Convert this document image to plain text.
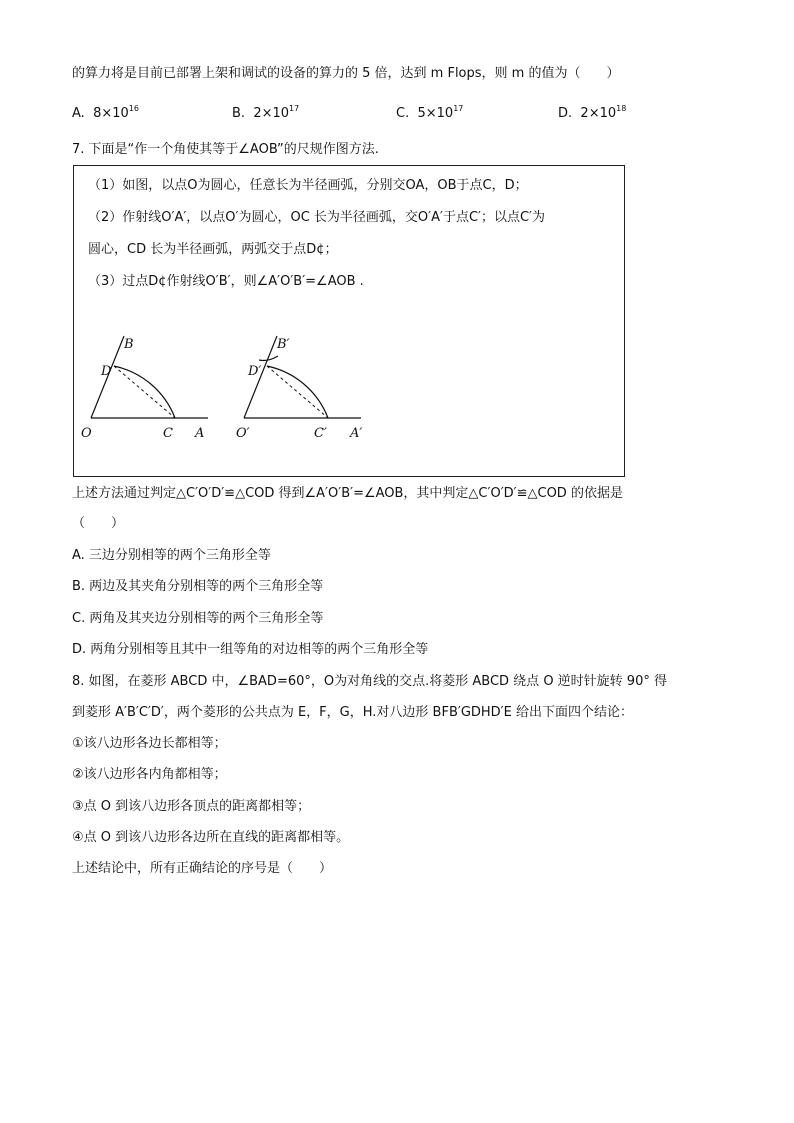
的算力将是目前已部署上架和调试的设备的算力的 5 倍，达到 m Flops，则 m 的值为（　　）
A. $8\times 10^{16}$	B. $2\times 10^{17}$	C. $5\times 10^{17}$	D. $2\times 10^{18}$
7. 下面是“作一个角使其等于∠AOB”的尺规作图方法.
（1）如图，以点O为圆心，任意长为半径画弧，分别交OA，OB于点C，D；
（2）作射线O′A′，以点O′为圆心，OC 长为半径画弧，交O′A′于点C′；以点C′为
圆心，CD 长为半径画弧，两弧交于点D¢；
（3）过点D¢作射线O′B′，则∠A′O′B′=∠AOB .
B
D
O	C A
B′
D′
O′	C′ A′
上述方法通过判定△C′O′D′≌△COD 得到∠A′O′B′=∠AOB，其中判定△C′O′D′≌△COD 的依据是
（　　）
A. 三边分别相等的两个三角形全等
B. 两边及其夹角分别相等的两个三角形全等
C. 两角及其夹边分别相等的两个三角形全等
D. 两角分别相等且其中一组等角的对边相等的两个三角形全等
8. 如图，在菱形 ABCD 中，∠BAD=60°，O为对角线的交点.将菱形 ABCD 绕点 O 逆时针旋转 90° 得
到菱形 A′B′C′D′，两个菱形的公共点为 E，F，G，H.对八边形 BFB′GDHD′E 给出下面四个结论：
①该八边形各边长都相等；
②该八边形各内角都相等；
③点 O 到该八边形各顶点的距离都相等；
④点 O 到该八边形各边所在直线的距离都相等。
上述结论中，所有正确结论的序号是（　　）
